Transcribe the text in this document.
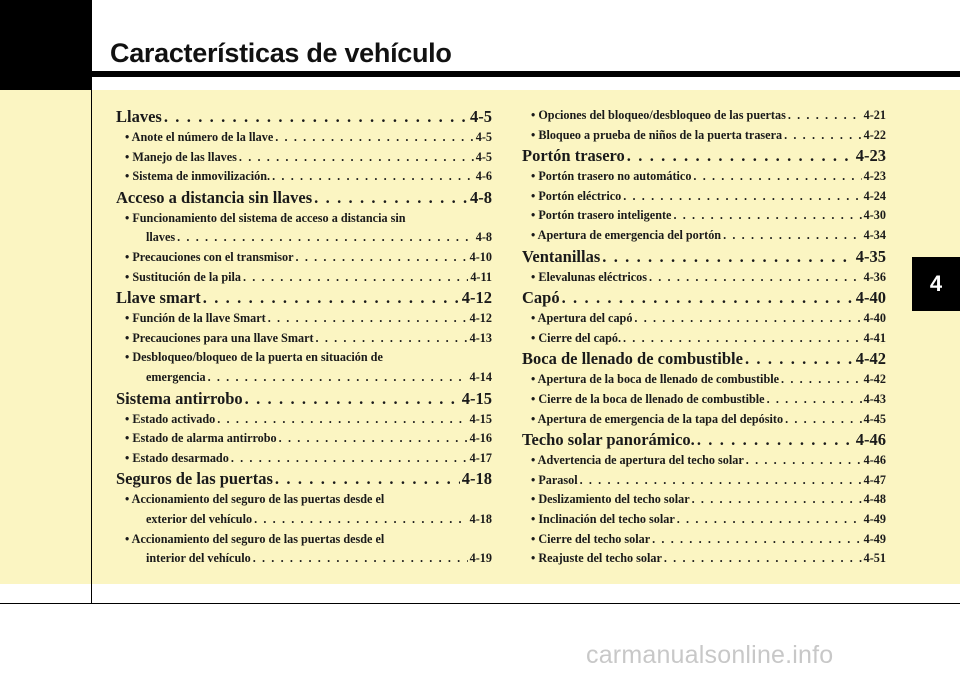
Características de vehículo
4
Llaves . . .	4-5
• Anote el número de la llave . . .	4-5
• Manejo de las llaves . . .	4-5
• Sistema de inmovilización. . . .	4-6
Acceso a distancia sin llaves . . .	4-8
• Funcionamiento del sistema de acceso a distancia sin
llaves . . .	4-8
• Precauciones con el transmisor . . .	4-10
• Sustitución de la pila . . .	4-11
Llave smart . . .	4-12
• Función de la llave Smart . . .	4-12
• Precauciones para una llave Smart . . .	4-13
• Desbloqueo/bloqueo de la puerta en situación de
emergencia . . .	4-14
Sistema antirrobo . . .	4-15
• Estado activado . . .	4-15
• Estado de alarma antirrobo . . .	4-16
• Estado desarmado . . .	4-17
Seguros de las puertas . . .	4-18
• Accionamiento del seguro de las puertas desde el
exterior del vehículo . . .	4-18
• Accionamiento del seguro de las puertas desde el
interior del vehículo . . .	4-19
• Opciones del bloqueo/desbloqueo de las puertas . . .	4-21
• Bloqueo a prueba de niños de la puerta trasera . . .	4-22
Portón trasero . . .	4-23
• Portón trasero no automático . . .	4-23
• Portón eléctrico . . .	4-24
• Portón trasero inteligente . . .	4-30
• Apertura de emergencia del portón . . .	4-34
Ventanillas . . .	4-35
• Elevalunas eléctricos . . .	4-36
Capó . . .	4-40
• Apertura del capó . . .	4-40
• Cierre del capó. . . .	4-41
Boca de llenado de combustible . . .	4-42
• Apertura de la boca de llenado de combustible . . .	4-42
• Cierre de la boca de llenado de combustible . . .	4-43
• Apertura de emergencia de la tapa del depósito . . .	4-45
Techo solar panorámico. . . .	4-46
• Advertencia de apertura del techo solar . . .	4-46
• Parasol . . .	4-47
• Deslizamiento del techo solar . . .	4-48
• Inclinación del techo solar . . .	4-49
• Cierre del techo solar . . .	4-49
• Reajuste del techo solar . . .	4-51
carmanualsonline.info
